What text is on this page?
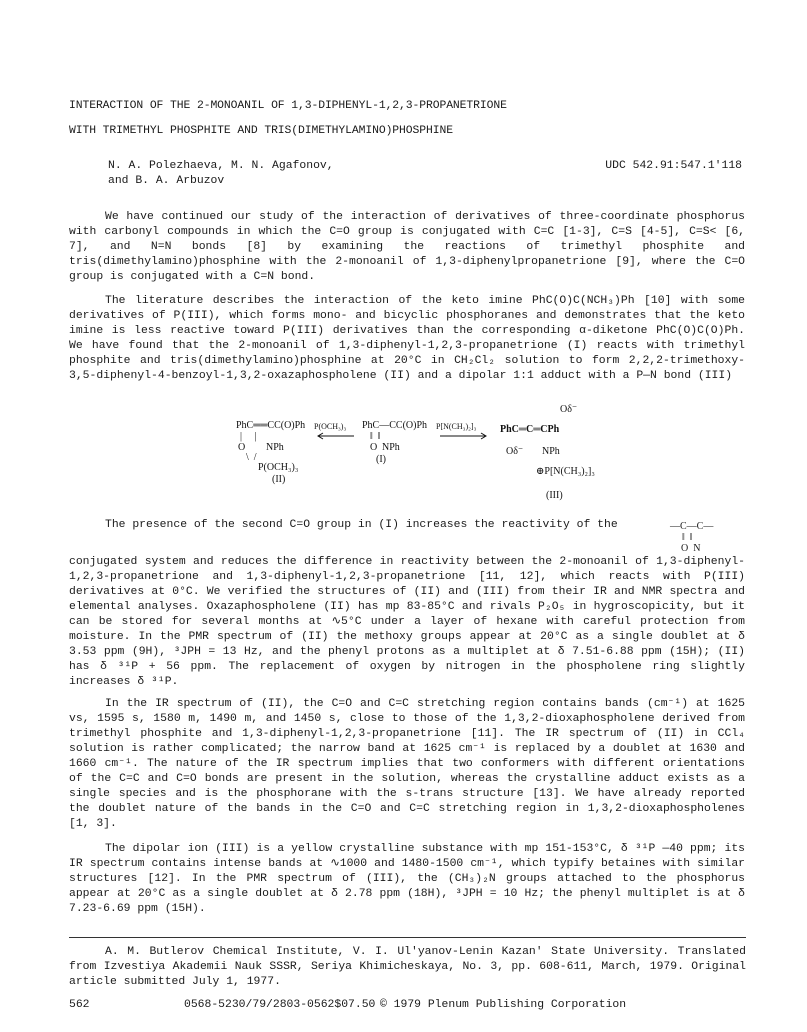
INTERACTION OF THE 2-MONOANIL OF 1,3-DIPHENYL-1,2,3-PROPANETRIONE
WITH TRIMETHYL PHOSPHITE AND TRIS(DIMETHYLAMINO)PHOSPHINE
N. A. Polezhaeva, M. N. Agafonov,
and B. A. Arbuzov
UDC 542.91:547.1'118

We have continued our study of the interaction of derivatives of three-coordinate phosphorus with carbonyl compounds in which the C=O group is conjugated with C=C [1-3], C=S [4-5], C=S< [6, 7], and N=N bonds [8] by examining the reactions of trimethyl phosphite and tris(dimethylamino)phosphine with the 2-monoanil of 1,3-diphenylpropanetrione [9], where the C=O group is conjugated with a C=N bond.

The literature describes the interaction of the keto imine PhC(O)C(NCH₃)Ph [10] with some derivatives of P(III), which forms mono- and bicyclic phosphoranes and demonstrates that the keto imine is less reactive toward P(III) derivatives than the corresponding α-diketone PhC(O)C(O)Ph. We have found that the 2-monoanil of 1,3-diphenyl-1,2,3-propanetrione (I) reacts with trimethyl phosphite and tris(dimethylamino)phosphine at 20°C in CH₂Cl₂ solution to form 2,2,2-trimethoxy-3,5-diphenyl-4-benzoyl-1,3,2-oxazaphospholene (II) and a dipolar 1:1 adduct with a P—N bond (III)

PhC══CC(O)Ph
|     |
O NPh
\  /
P(OCH₃)₃
(II)
P(OCH₃)₃ PhC—CC(O)Ph
‖  ‖
O NPh
(I)
P[N(CH₃)₂]₃
Oδ⁻
PhC═C═CPh
Oδ⁻ NPh
⊕P[N(CH₃)₂]₃
(III)

The presence of the second C=O group in (I) increases the reactivity of the	—C—C—
‖  ‖
O  N

conjugated system and reduces the difference in reactivity between the 2-monoanil of 1,3-diphenyl-1,2,3-propanetrione and 1,3-diphenyl-1,2,3-propanetrione [11, 12], which reacts with P(III) derivatives at 0°C. We verified the structures of (II) and (III) from their IR and NMR spectra and elemental analyses. Oxazaphospholene (II) has mp 83-85°C and rivals P₂O₅ in hygroscopicity, but it can be stored for several months at ∿5°C under a layer of hexane with careful protection from moisture. In the PMR spectrum of (II) the methoxy groups appear at 20°C as a single doublet at δ 3.53 ppm (9H), ³JPH = 13 Hz, and the phenyl protons as a multiplet at δ 7.51-6.88 ppm (15H); (II) has δ ³¹P + 56 ppm. The replacement of oxygen by nitrogen in the phospholene ring slightly increases δ ³¹P.

In the IR spectrum of (II), the C=O and C=C stretching region contains bands (cm⁻¹) at 1625 vs, 1595 s, 1580 m, 1490 m, and 1450 s, close to those of the 1,3,2-dioxaphospholene derived from trimethyl phosphite and 1,3-diphenyl-1,2,3-propanetrione [11]. The IR spectrum of (II) in CCl₄ solution is rather complicated; the narrow band at 1625 cm⁻¹ is replaced by a doublet at 1630 and 1660 cm⁻¹. The nature of the IR spectrum implies that two conformers with different orientations of the C=C and C=O bonds are present in the solution, whereas the crystalline adduct exists as a single species and is the phosphorane with the s-trans structure [13]. We have already reported the doublet nature of the bands in the C=O and C=C stretching region in 1,3,2-dioxaphospholenes [1, 3].

The dipolar ion (III) is a yellow crystalline substance with mp 151-153°C, δ ³¹P —40 ppm; its IR spectrum contains intense bands at ∿1000 and 1480-1500 cm⁻¹, which typify betaines with similar structures [12]. In the PMR spectrum of (III), the (CH₃)₂N groups attached to the phosphorus appear at 20°C as a single doublet at δ 2.78 ppm (18H), ³JPH = 10 Hz; the phenyl multiplet is at δ 7.23-6.69 ppm (15H).

A. M. Butlerov Chemical Institute, V. I. Ul'yanov-Lenin Kazan' State University. Translated from Izvestiya Akademii Nauk SSSR, Seriya Khimicheskaya, No. 3, pp. 608-611, March, 1979. Original article submitted July 1, 1977.

562	0568-5230/79/2803-0562$07.50 © 1979 Plenum Publishing Corporation
